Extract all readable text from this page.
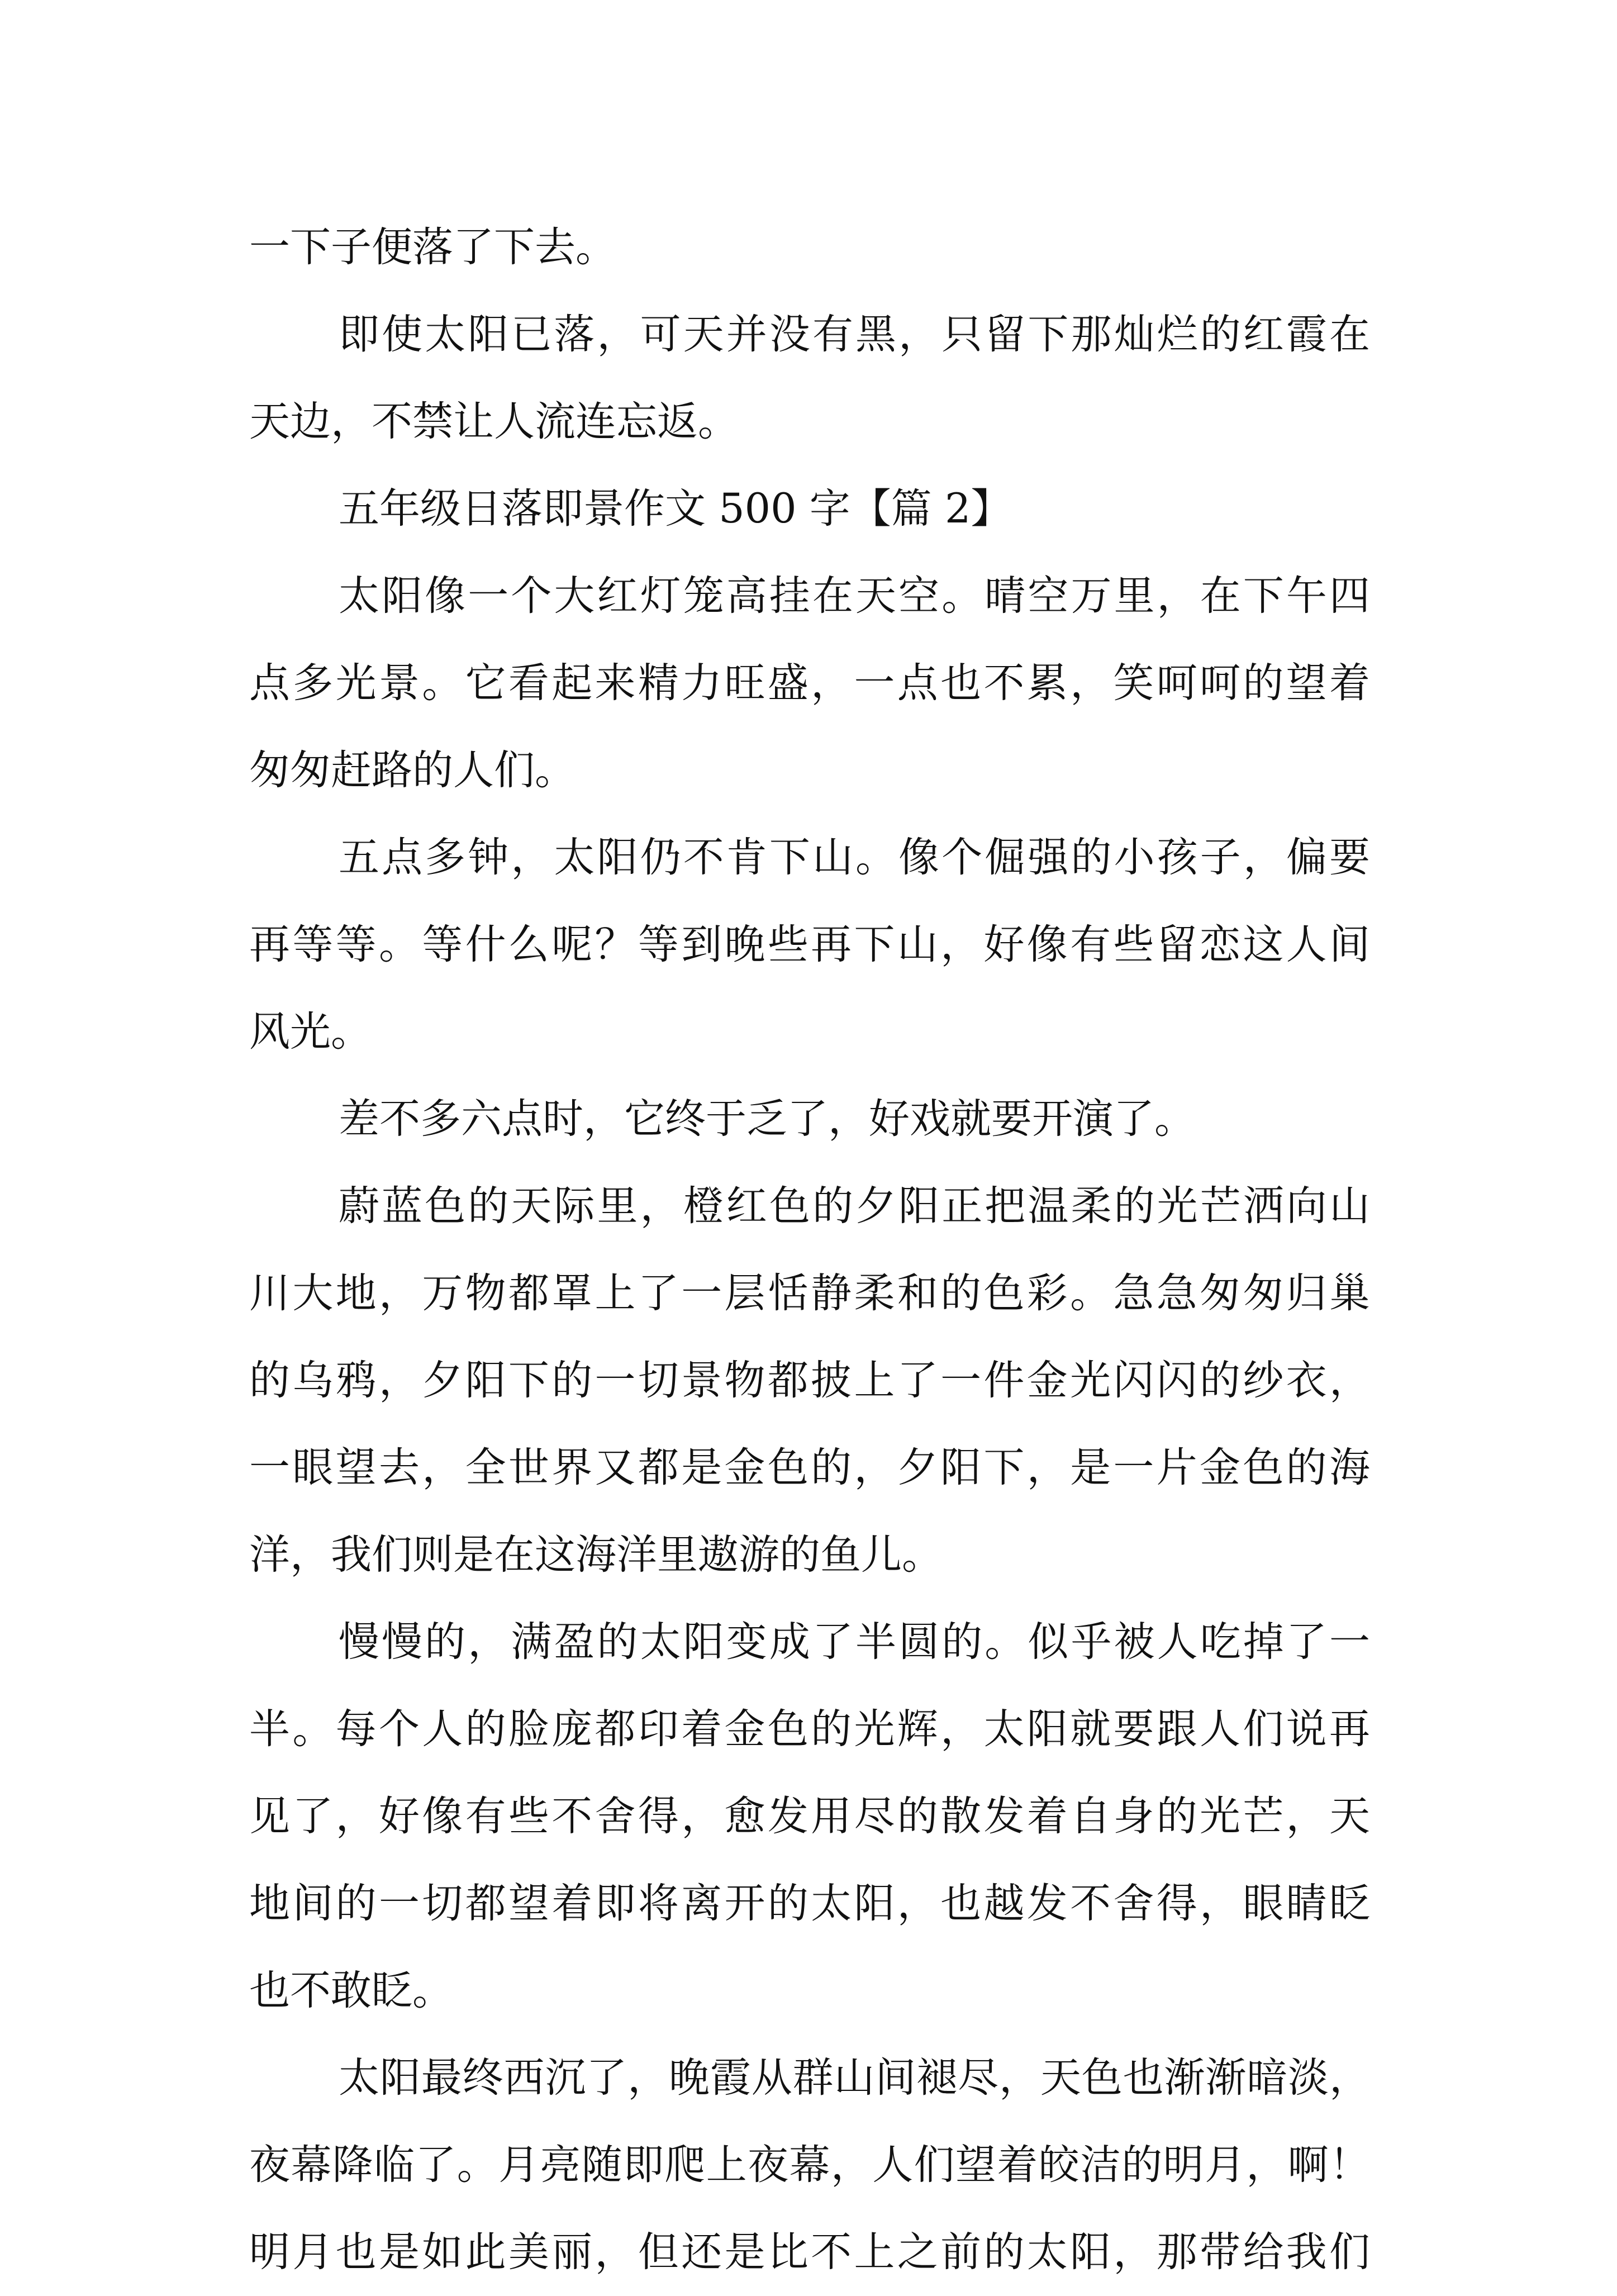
一下子便落了下去。
即使太阳已落，可天并没有黑，只留下那灿烂的红霞在
天边，不禁让人流连忘返。
五年级日落即景作文 500 字【篇 2】
太阳像一个大红灯笼高挂在天空。晴空万里，在下午四
点多光景。它看起来精力旺盛，一点也不累，笑呵呵的望着
匆匆赶路的人们。
五点多钟，太阳仍不肯下山。像个倔强的小孩子，偏要
再等等。等什么呢？等到晚些再下山，好像有些留恋这人间
风光。
差不多六点时，它终于乏了，好戏就要开演了。
蔚蓝色的天际里，橙红色的夕阳正把温柔的光芒洒向山
川大地，万物都罩上了一层恬静柔和的色彩。急急匆匆归巢
的乌鸦，夕阳下的一切景物都披上了一件金光闪闪的纱衣，
一眼望去，全世界又都是金色的，夕阳下，是一片金色的海
洋，我们则是在这海洋里遨游的鱼儿。
慢慢的，满盈的太阳变成了半圆的。似乎被人吃掉了一
半。每个人的脸庞都印着金色的光辉，太阳就要跟人们说再
见了，好像有些不舍得，愈发用尽的散发着自身的光芒，天
地间的一切都望着即将离开的太阳，也越发不舍得，眼睛眨
也不敢眨。
太阳最终西沉了，晚霞从群山间褪尽，天色也渐渐暗淡，
夜幕降临了。月亮随即爬上夜幕，人们望着皎洁的明月，啊！
明月也是如此美丽，但还是比不上之前的太阳，那带给我们
